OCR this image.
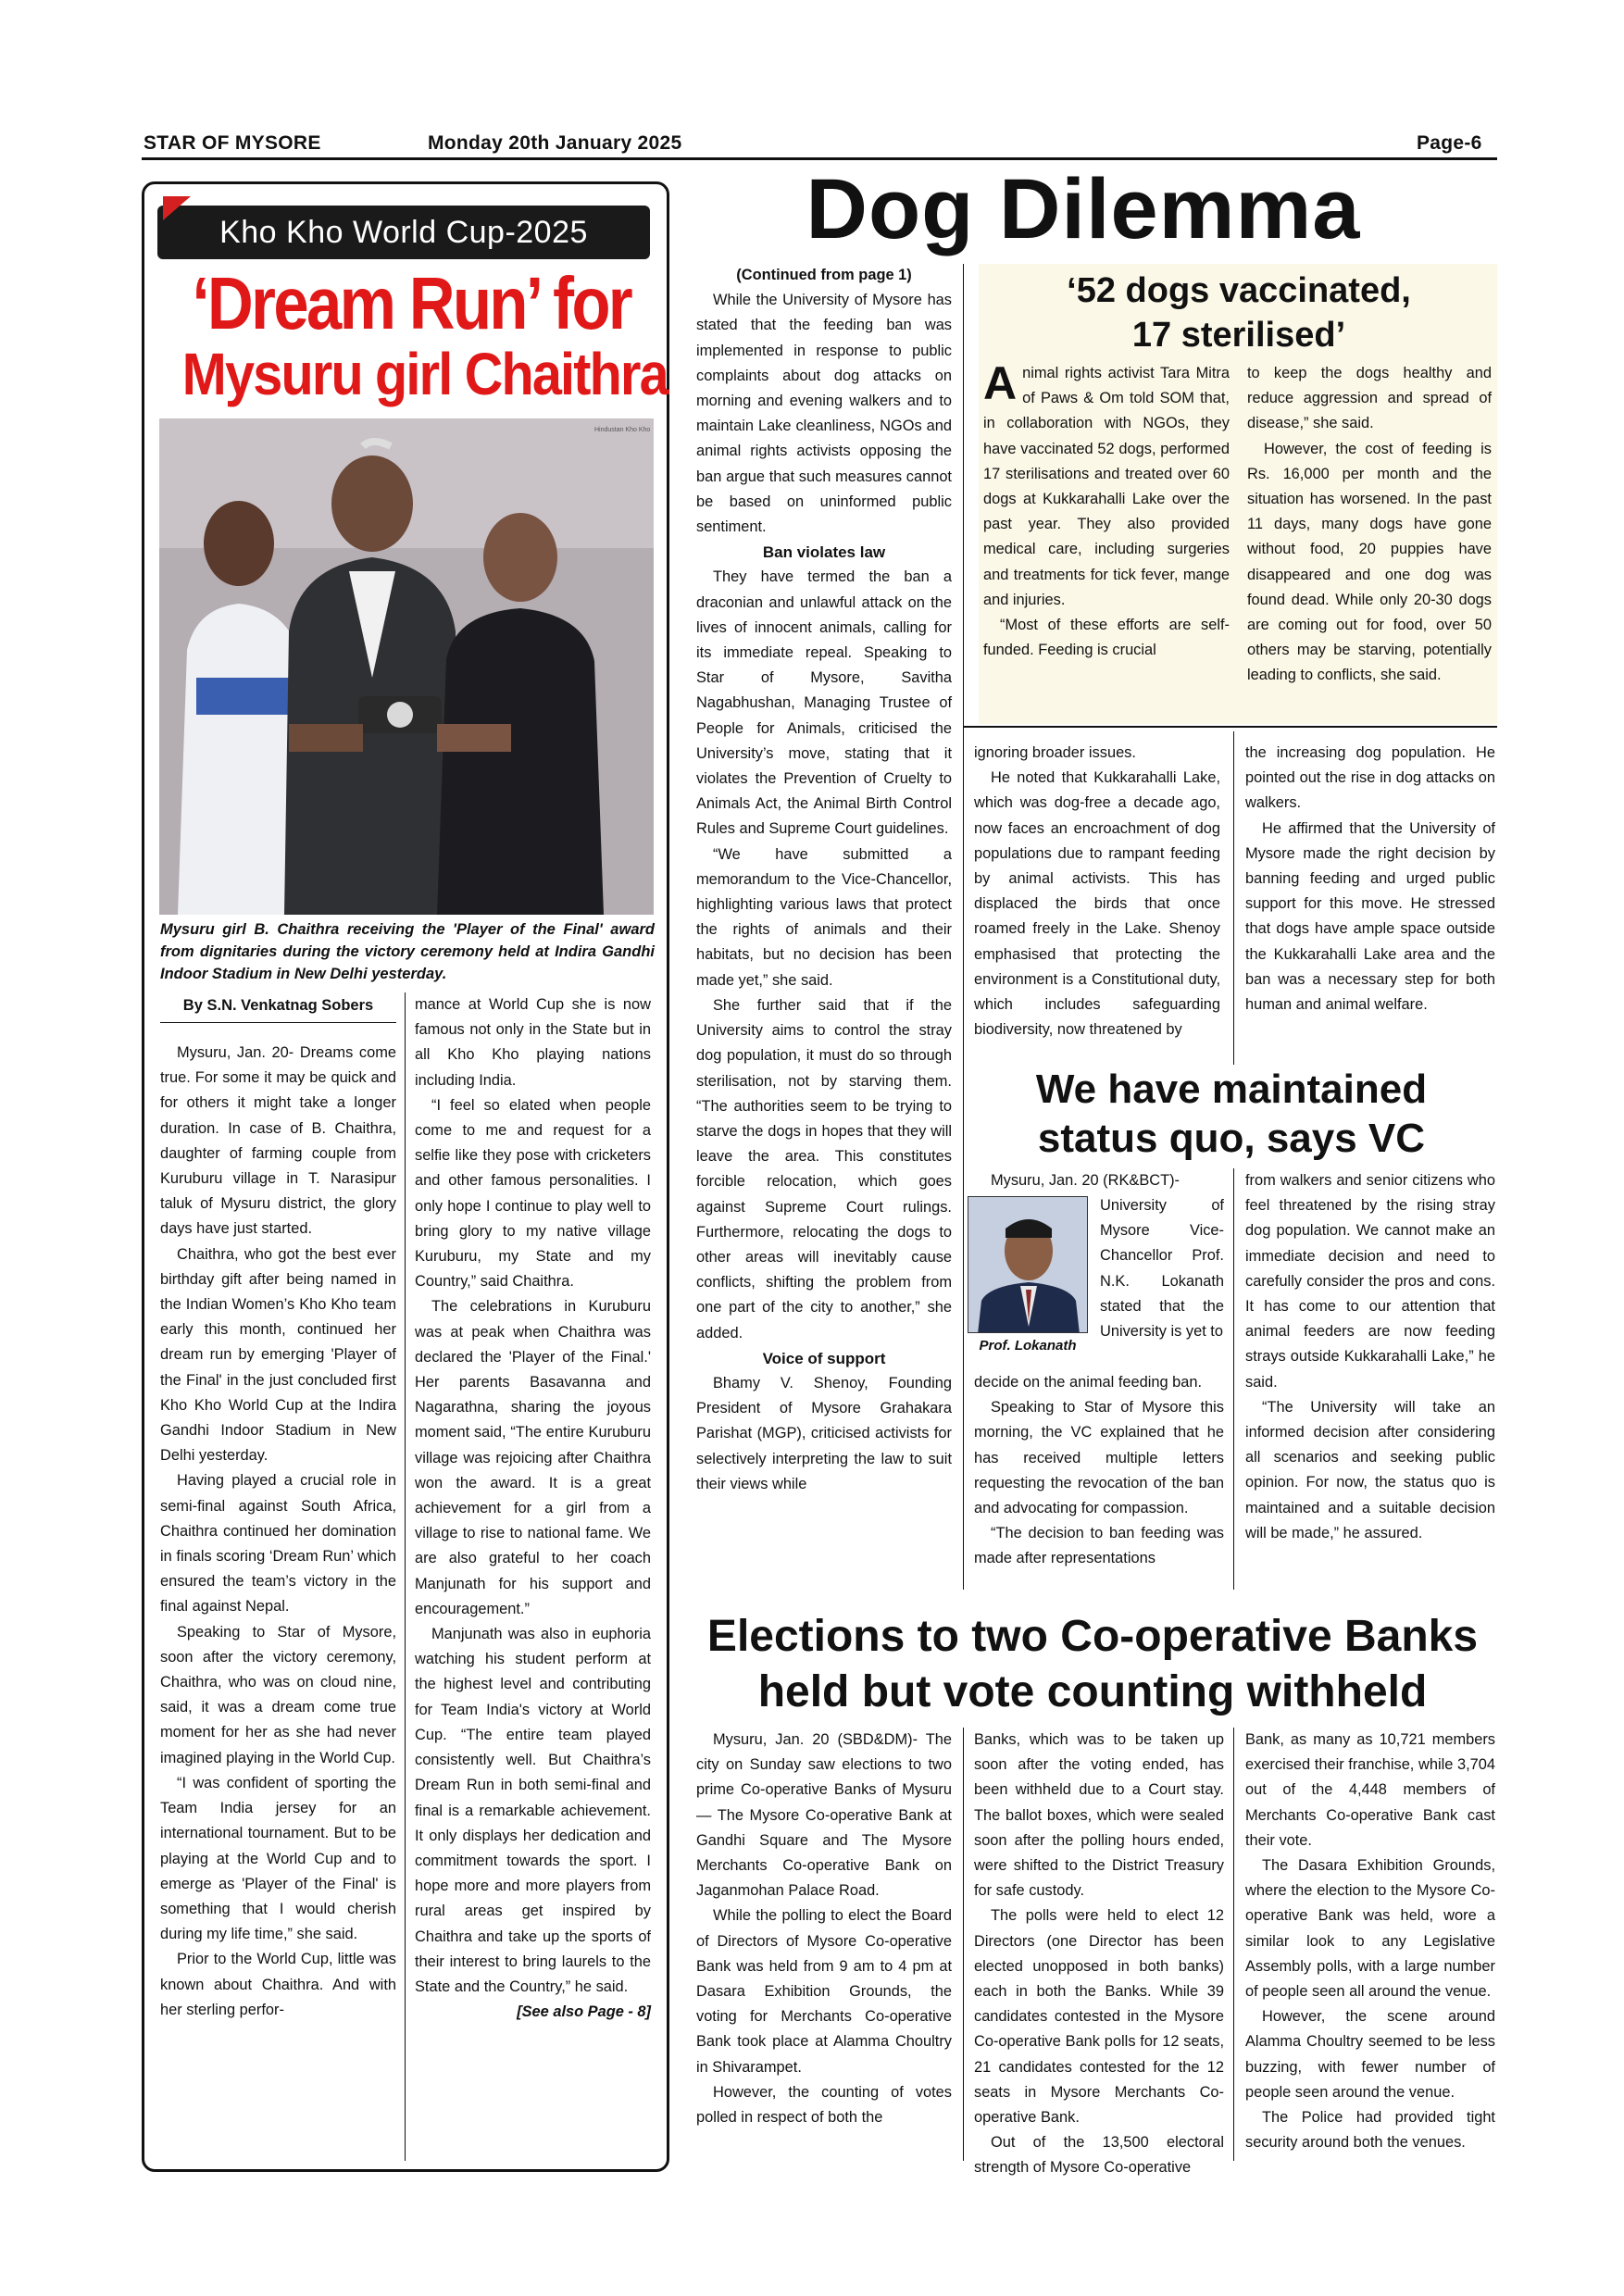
STAR OF MYSORE	Monday 20th January 2025	Page-6
Kho Kho World Cup-2025
‘Dream Run’ for
Mysuru girl Chaithra
Hindustan Kho Kho
Mysuru girl B. Chaithra receiving the 'Player of the Final' award from dignitaries during the victory ceremony held at Indira Gandhi Indoor Stadium in New Delhi yesterday.
By S.N. Venkatnag Sobers

Mysuru, Jan. 20- Dreams come true. For some it may be quick and for others it might take a longer duration. In case of B. Chaithra, daughter of farming couple from Kuruburu village in T. Narasipur taluk of Mysuru district, the glory days have just started.

Chaithra, who got the best ever birthday gift after being named in the Indian Women’s Kho Kho team early this month, continued her dream run by emerging 'Player of the Final' in the just concluded first Kho Kho World Cup at the Indira Gandhi Indoor Stadium in New Delhi yesterday.

Having played a crucial role in semi-final against South Africa, Chaithra continued her domination in finals scoring ‘Dream Run’ which ensured the team’s victory in the final against Nepal.

Speaking to Star of Mysore, soon after the victory ceremony, Chaithra, who was on cloud nine, said, it was a dream come true moment for her as she had never imagined playing in the World Cup.

“I was confident of sporting the Team India jersey for an international tournament. But to be playing at the World Cup and to emerge as 'Player of the Final' is something that I would cherish during my life time,” she said.

Prior to the World Cup, little was known about Chaithra. And with her sterling perfor-

mance at World Cup she is now famous not only in the State but in all Kho Kho playing nations including India.

“I feel so elated when people come to me and request for a selfie like they pose with cricketers and other famous personalities. I only hope I continue to play well to bring glory to my native village Kuruburu, my State and my Country,” said Chaithra.

The celebrations in Kuruburu was at peak when Chaithra was declared the 'Player of the Final.' Her parents Basavanna and Nagarathna, sharing the joyous moment said, “The entire Kuruburu village was rejoicing after Chaithra won the award. It is a great achievement for a girl from a village to rise to national fame. We are also grateful to her coach Manjunath for his support and encouragement.”

Manjunath was also in euphoria watching his student perform at the highest level and contributing for Team India's victory at World Cup. “The entire team played consistently well. But Chaithra’s Dream Run in both semi-final and final is a remarkable achievement. It only displays her dedication and commitment towards the sport. I hope more and more players from rural areas get inspired by Chaithra and take up the sports of their interest to bring laurels to the State and the Country,” he said.

[See also Page - 8]

Dog Dilemma

(Continued from page 1)

While the University of Mysore has stated that the feeding ban was implemented in response to public complaints about dog attacks on morning and evening walkers and to maintain Lake cleanliness, NGOs and animal rights activists opposing the ban argue that such measures cannot be based on uninformed public sentiment.

Ban violates law

They have termed the ban a draconian and unlawful attack on the lives of innocent animals, calling for its immediate repeal. Speaking to Star of Mysore, Savitha Nagabhushan, Managing Trustee of People for Animals, criticised the University’s move, stating that it violates the Prevention of Cruelty to Animals Act, the Animal Birth Control Rules and Supreme Court guidelines.

“We have submitted a memorandum to the Vice-Chancellor, highlighting various laws that protect the rights of animals and their habitats, but no decision has been made yet,” she said.

She further said that if the University aims to control the stray dog population, it must do so through sterilisation, not by starving them. “The authorities seem to be trying to starve the dogs in hopes that they will leave the area. This constitutes forcible relocation, which goes against Supreme Court rulings. Furthermore, relocating the dogs to other areas will inevitably cause conflicts, shifting the problem from one part of the city to another,” she added.

Voice of support

Bhamy V. Shenoy, Founding President of Mysore Grahakara Parishat (MGP), criticised activists for selectively interpreting the law to suit their views while

‘52 dogs vaccinated,
17 sterilised’

Animal rights activist Tara Mitra of Paws & Om told SOM that, in collaboration with NGOs, they have vaccinated 52 dogs, performed 17 sterilisations and treated over 60 dogs at Kukkarahalli Lake over the past year. They also provided medical care, including surgeries and treatments for tick fever, mange and injuries.

“Most of these efforts are self-funded. Feeding is crucial

to keep the dogs healthy and reduce aggression and spread of disease,” she said.

However, the cost of feeding is Rs. 16,000 per month and the situation has worsened. In the past 11 days, many dogs have gone without food, 20 puppies have disappeared and one dog was found dead. While only 20-30 dogs are coming out for food, over 50 others may be starving, potentially leading to conflicts, she said.

ignoring broader issues.

He noted that Kukkarahalli Lake, which was dog-free a decade ago, now faces an encroachment of dog populations due to rampant feeding by animal activists. This has displaced the birds that once roamed freely in the Lake. Shenoy emphasised that protecting the environment is a Constitutional duty, which includes safeguarding biodiversity, now threatened by

the increasing dog population. He pointed out the rise in dog attacks on walkers.

He affirmed that the University of Mysore made the right decision by banning feeding and urged public support for this move. He stressed that dogs have ample space outside the Kukkarahalli Lake area and the ban was a necessary step for both human and animal welfare.

We have maintained
status quo, says VC

Mysuru, Jan. 20 (RK&BCT)-

Prof. Lokanath

University of Mysore Vice-Chancellor Prof. N.K. Lokanath stated that the University is yet to

decide on the animal feeding ban.

Speaking to Star of Mysore this morning, the VC explained that he has received multiple letters requesting the revocation of the ban and advocating for compassion.

“The decision to ban feeding was made after representations

from walkers and senior citizens who feel threatened by the rising stray dog population. We cannot make an immediate decision and need to carefully consider the pros and cons. It has come to our attention that animal feeders are now feeding strays outside Kukkarahalli Lake,” he said.

“The University will take an informed decision after considering all scenarios and seeking public opinion. For now, the status quo is maintained and a suitable decision will be made,” he assured.

Elections to two Co-operative Banks
held but vote counting withheld

Mysuru, Jan. 20 (SBD&DM)- The city on Sunday saw elections to two prime Co-operative Banks of Mysuru — The Mysore Co-operative Bank at Gandhi Square and The Mysore Merchants Co-operative Bank on Jaganmohan Palace Road.

While the polling to elect the Board of Directors of Mysore Co-operative Bank was held from 9 am to 4 pm at Dasara Exhibition Grounds, the voting for Merchants Co-operative Bank took place at Alamma Choultry in Shivarampet.

However, the counting of votes polled in respect of both the

Banks, which was to be taken up soon after the voting ended, has been withheld due to a Court stay. The ballot boxes, which were sealed soon after the polling hours ended, were shifted to the District Treasury for safe custody.

The polls were held to elect 12 Directors (one Director has been elected unopposed in both banks) each in both the Banks. While 39 candidates contested in the Mysore Co-operative Bank polls for 12 seats, 21 candidates contested for the 12 seats in Mysore Merchants Co-operative Bank.

Out of the 13,500 electoral strength of Mysore Co-operative

Bank, as many as 10,721 members exercised their franchise, while 3,704 out of the 4,448 members of Merchants Co-operative Bank cast their vote.

The Dasara Exhibition Grounds, where the election to the Mysore Co-operative Bank was held, wore a similar look to any Legislative Assembly polls, with a large number of people seen all around the venue.

However, the scene around Alamma Choultry seemed to be less buzzing, with fewer number of people seen around the venue.

The Police had provided tight security around both the venues.
